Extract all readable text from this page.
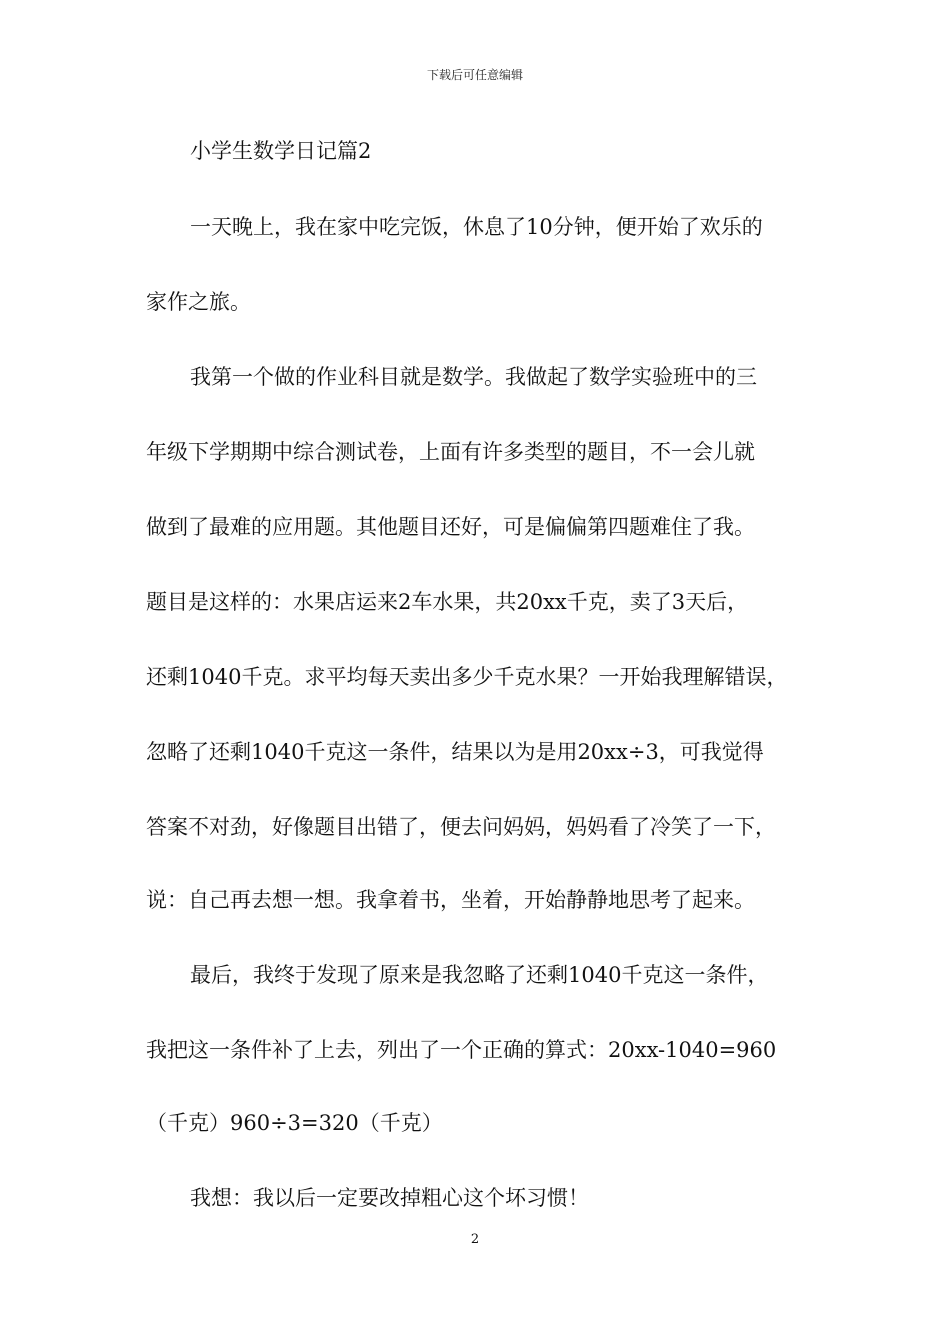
下载后可任意编辑
小学生数学日记篇2
一天晚上，我在家中吃完饭，休息了10分钟，便开始了欢乐的
家作之旅。
我第一个做的作业科目就是数学。我做起了数学实验班中的三
年级下学期期中综合测试卷，上面有许多类型的题目，不一会儿就
做到了最难的应用题。其他题目还好，可是偏偏第四题难住了我。
题目是这样的：水果店运来2车水果，共20xx千克，卖了3天后，
还剩1040千克。求平均每天卖出多少千克水果？一开始我理解错误，
忽略了还剩1040千克这一条件，结果以为是用20xx÷3，可我觉得
答案不对劲，好像题目出错了，便去问妈妈，妈妈看了冷笑了一下，
说：自己再去想一想。我拿着书，坐着，开始静静地思考了起来。
最后，我终于发现了原来是我忽略了还剩1040千克这一条件，
我把这一条件补了上去，列出了一个正确的算式：20xx-1040=960
（千克）960÷3=320（千克）
我想：我以后一定要改掉粗心这个坏习惯！
2
